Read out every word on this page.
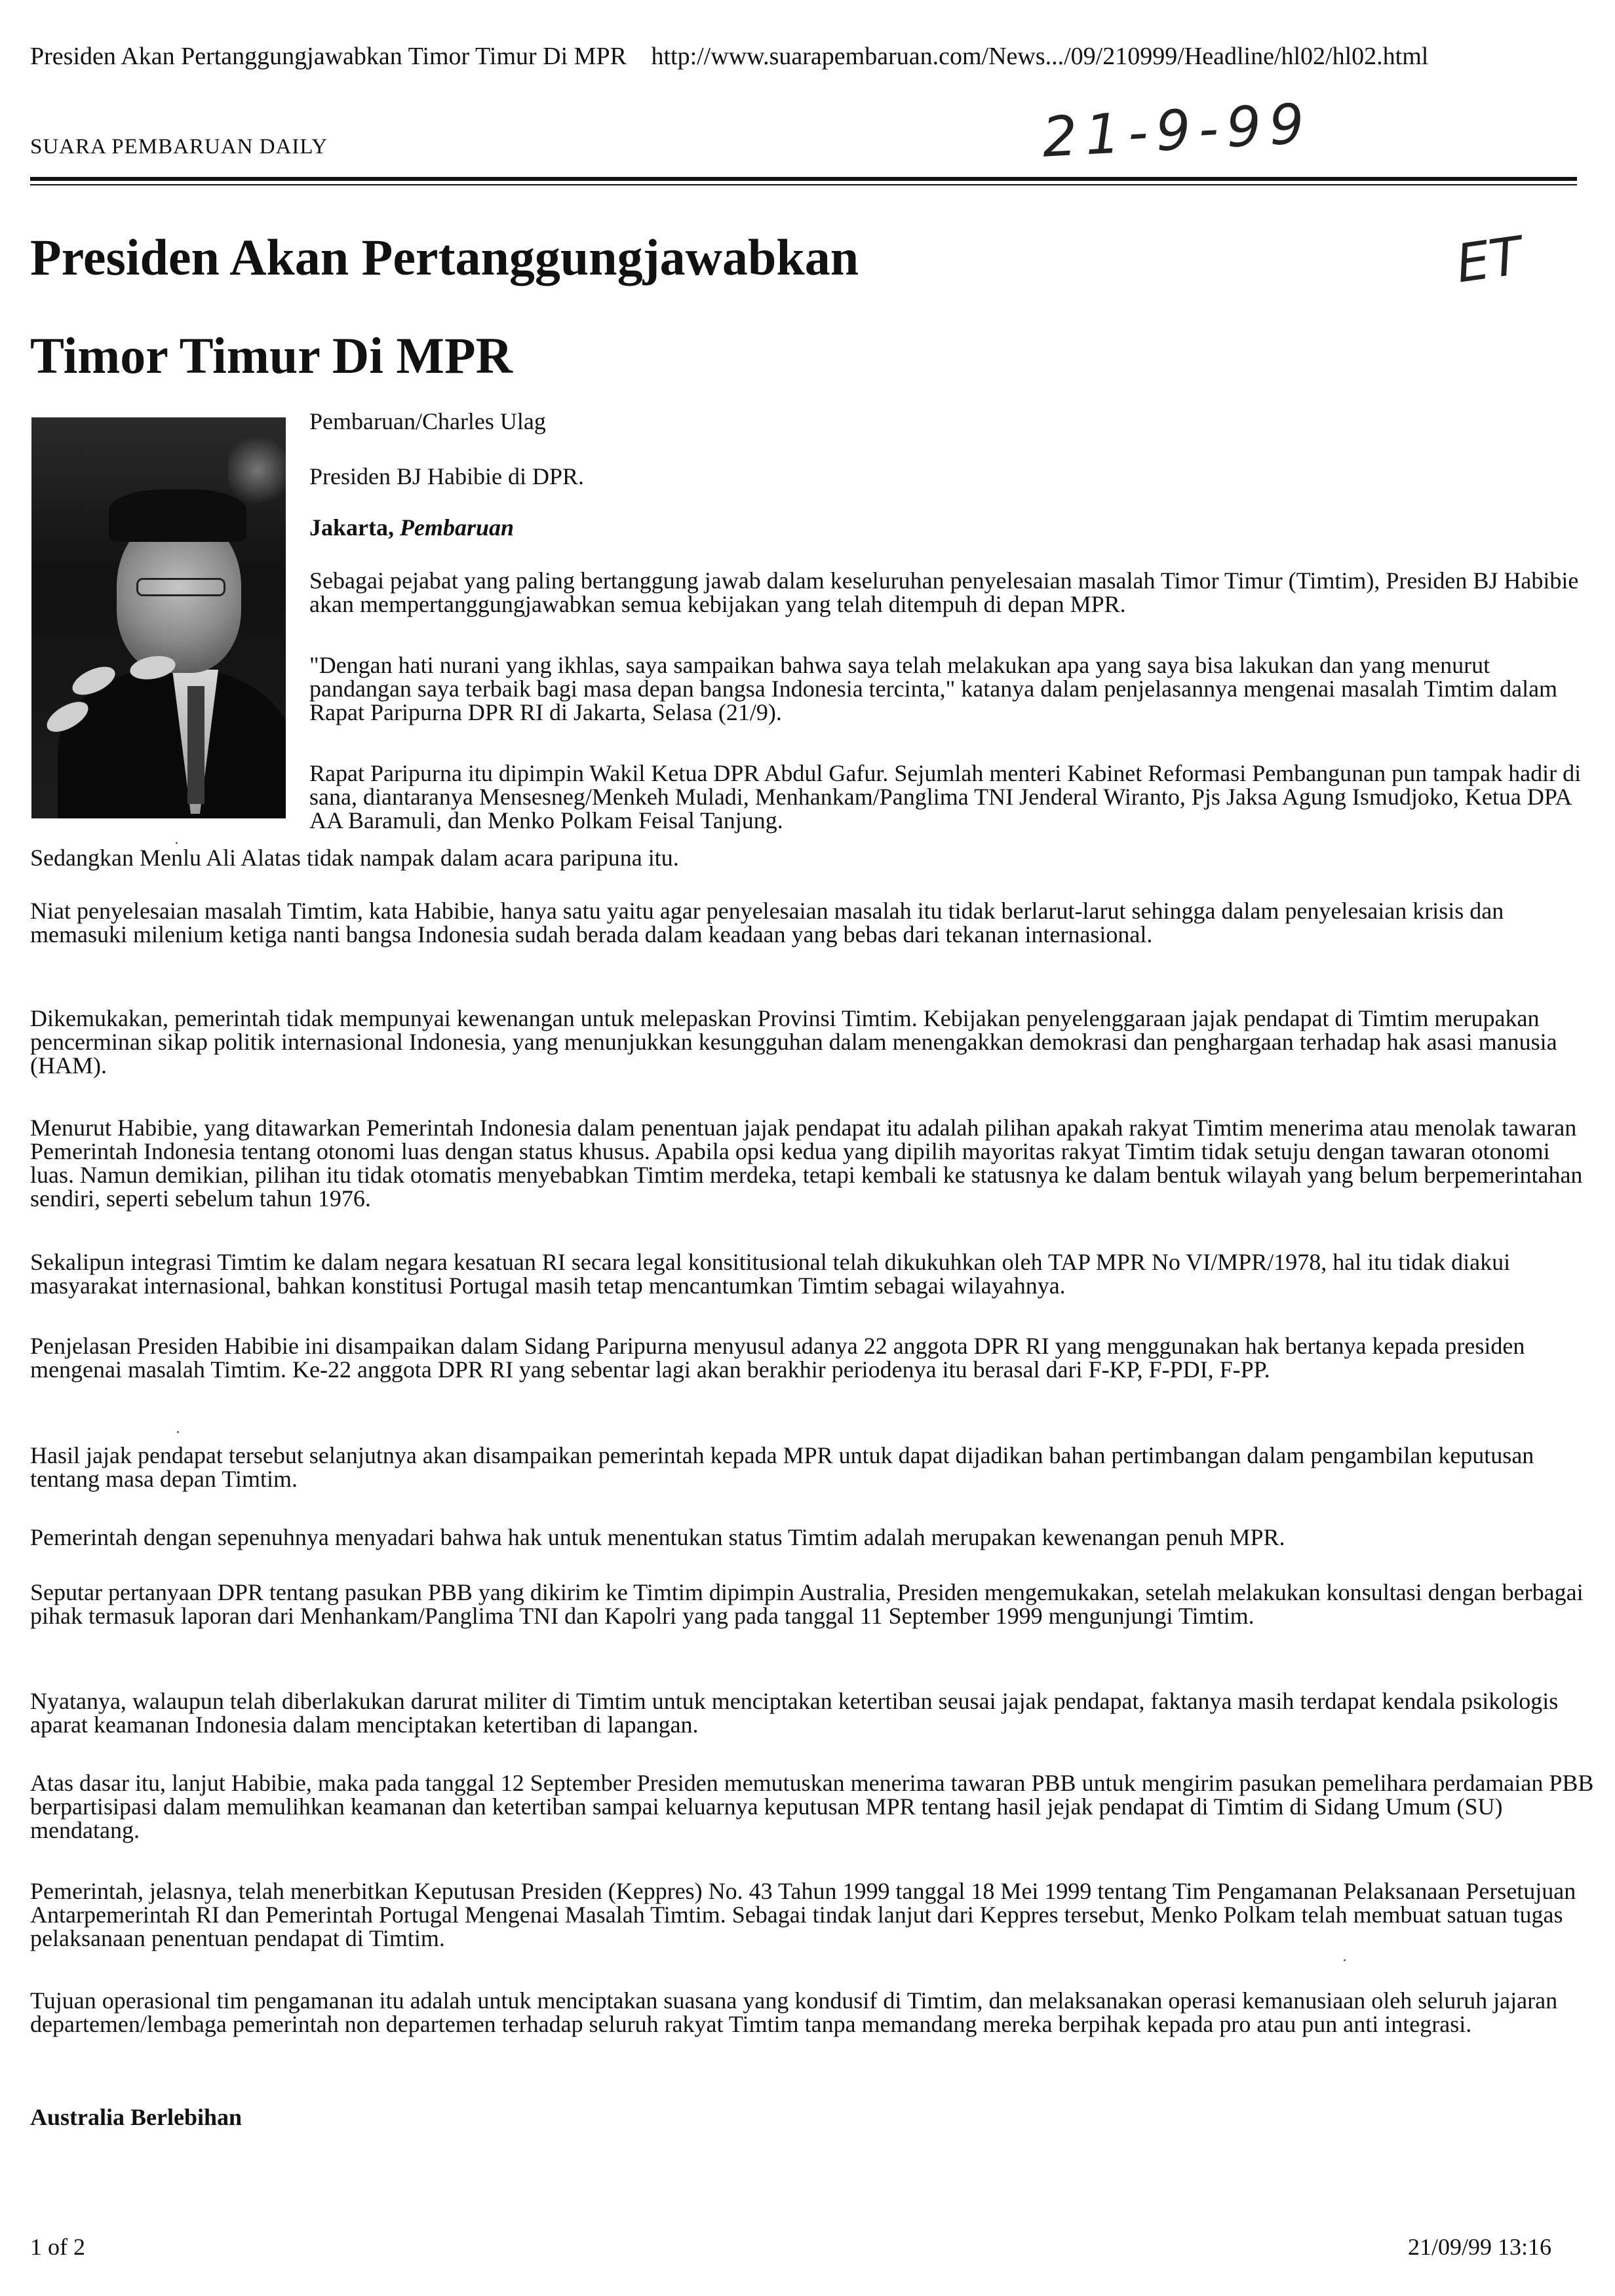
Presiden Akan Pertanggungjawabkan Timor Timur Di MPR http://www.suarapembaruan.com/News.../09/210999/Headline/hl02/hl02.html
SUARA PEMBARUAN DAILY	21-9-99
ET
Presiden Akan Pertanggungjawabkan
Timor Timur Di MPR
Pembaruan/Charles Ulag
Presiden BJ Habibie di DPR.
Jakarta, Pembaruan

Sebagai pejabat yang paling bertanggung jawab dalam keseluruhan penyelesaian masalah Timor Timur (Timtim), Presiden BJ Habibie akan mempertanggungjawabkan semua kebijakan yang telah ditempuh di depan MPR.

"Dengan hati nurani yang ikhlas, saya sampaikan bahwa saya telah melakukan apa yang saya bisa lakukan dan yang menurut pandangan saya terbaik bagi masa depan bangsa Indonesia tercinta," katanya dalam penjelasannya mengenai masalah Timtim dalam Rapat Paripurna DPR RI di Jakarta, Selasa (21/9).

Rapat Paripurna itu dipimpin Wakil Ketua DPR Abdul Gafur. Sejumlah menteri Kabinet Reformasi Pembangunan pun tampak hadir di sana, diantaranya Mensesneg/Menkeh Muladi, Menhankam/Panglima TNI Jenderal Wiranto, Pjs Jaksa Agung Ismudjoko, Ketua DPA AA Baramuli, dan Menko Polkam Feisal Tanjung.

Sedangkan Menlu Ali Alatas tidak nampak dalam acara paripuna itu.

Niat penyelesaian masalah Timtim, kata Habibie, hanya satu yaitu agar penyelesaian masalah itu tidak berlarut-larut sehingga dalam penyelesaian krisis dan memasuki milenium ketiga nanti bangsa Indonesia sudah berada dalam keadaan yang bebas dari tekanan internasional.

Dikemukakan, pemerintah tidak mempunyai kewenangan untuk melepaskan Provinsi Timtim. Kebijakan penyelenggaraan jajak pendapat di Timtim merupakan pencerminan sikap politik internasional Indonesia, yang menunjukkan kesungguhan dalam menengakkan demokrasi dan penghargaan terhadap hak asasi manusia (HAM).

Menurut Habibie, yang ditawarkan Pemerintah Indonesia dalam penentuan jajak pendapat itu adalah pilihan apakah rakyat Timtim menerima atau menolak tawaran Pemerintah Indonesia tentang otonomi luas dengan status khusus. Apabila opsi kedua yang dipilih mayoritas rakyat Timtim tidak setuju dengan tawaran otonomi luas. Namun demikian, pilihan itu tidak otomatis menyebabkan Timtim merdeka, tetapi kembali ke statusnya ke dalam bentuk wilayah yang belum berpemerintahan sendiri, seperti sebelum tahun 1976.

Sekalipun integrasi Timtim ke dalam negara kesatuan RI secara legal konsititusional telah dikukuhkan oleh TAP MPR No VI/MPR/1978, hal itu tidak diakui masyarakat internasional, bahkan konstitusi Portugal masih tetap mencantumkan Timtim sebagai wilayahnya.

Penjelasan Presiden Habibie ini disampaikan dalam Sidang Paripurna menyusul adanya 22 anggota DPR RI yang menggunakan hak bertanya kepada presiden mengenai masalah Timtim. Ke-22 anggota DPR RI yang sebentar lagi akan berakhir periodenya itu berasal dari F-KP, F-PDI, F-PP.

Hasil jajak pendapat tersebut selanjutnya akan disampaikan pemerintah kepada MPR untuk dapat dijadikan bahan pertimbangan dalam pengambilan keputusan tentang masa depan Timtim.

Pemerintah dengan sepenuhnya menyadari bahwa hak untuk menentukan status Timtim adalah merupakan kewenangan penuh MPR.

Seputar pertanyaan DPR tentang pasukan PBB yang dikirim ke Timtim dipimpin Australia, Presiden mengemukakan, setelah melakukan konsultasi dengan berbagai pihak termasuk laporan dari Menhankam/Panglima TNI dan Kapolri yang pada tanggal 11 September 1999 mengunjungi Timtim.

Nyatanya, walaupun telah diberlakukan darurat militer di Timtim untuk menciptakan ketertiban seusai jajak pendapat, faktanya masih terdapat kendala psikologis aparat keamanan Indonesia dalam menciptakan ketertiban di lapangan.

Atas dasar itu, lanjut Habibie, maka pada tanggal 12 September Presiden memutuskan menerima tawaran PBB untuk mengirim pasukan pemelihara perdamaian PBB berpartisipasi dalam memulihkan keamanan dan ketertiban sampai keluarnya keputusan MPR tentang hasil jejak pendapat di Timtim di Sidang Umum (SU) mendatang.

Pemerintah, jelasnya, telah menerbitkan Keputusan Presiden (Keppres) No. 43 Tahun 1999 tanggal 18 Mei 1999 tentang Tim Pengamanan Pelaksanaan Persetujuan Antarpemerintah RI dan Pemerintah Portugal Mengenai Masalah Timtim. Sebagai tindak lanjut dari Keppres tersebut, Menko Polkam telah membuat satuan tugas pelaksanaan penentuan pendapat di Timtim.

Tujuan operasional tim pengamanan itu adalah untuk menciptakan suasana yang kondusif di Timtim, dan melaksanakan operasi kemanusiaan oleh seluruh jajaran departemen/lembaga pemerintah non departemen terhadap seluruh rakyat Timtim tanpa memandang mereka berpihak kepada pro atau pun anti integrasi.

Australia Berlebihan
1 of 2	21/09/99 13:16
